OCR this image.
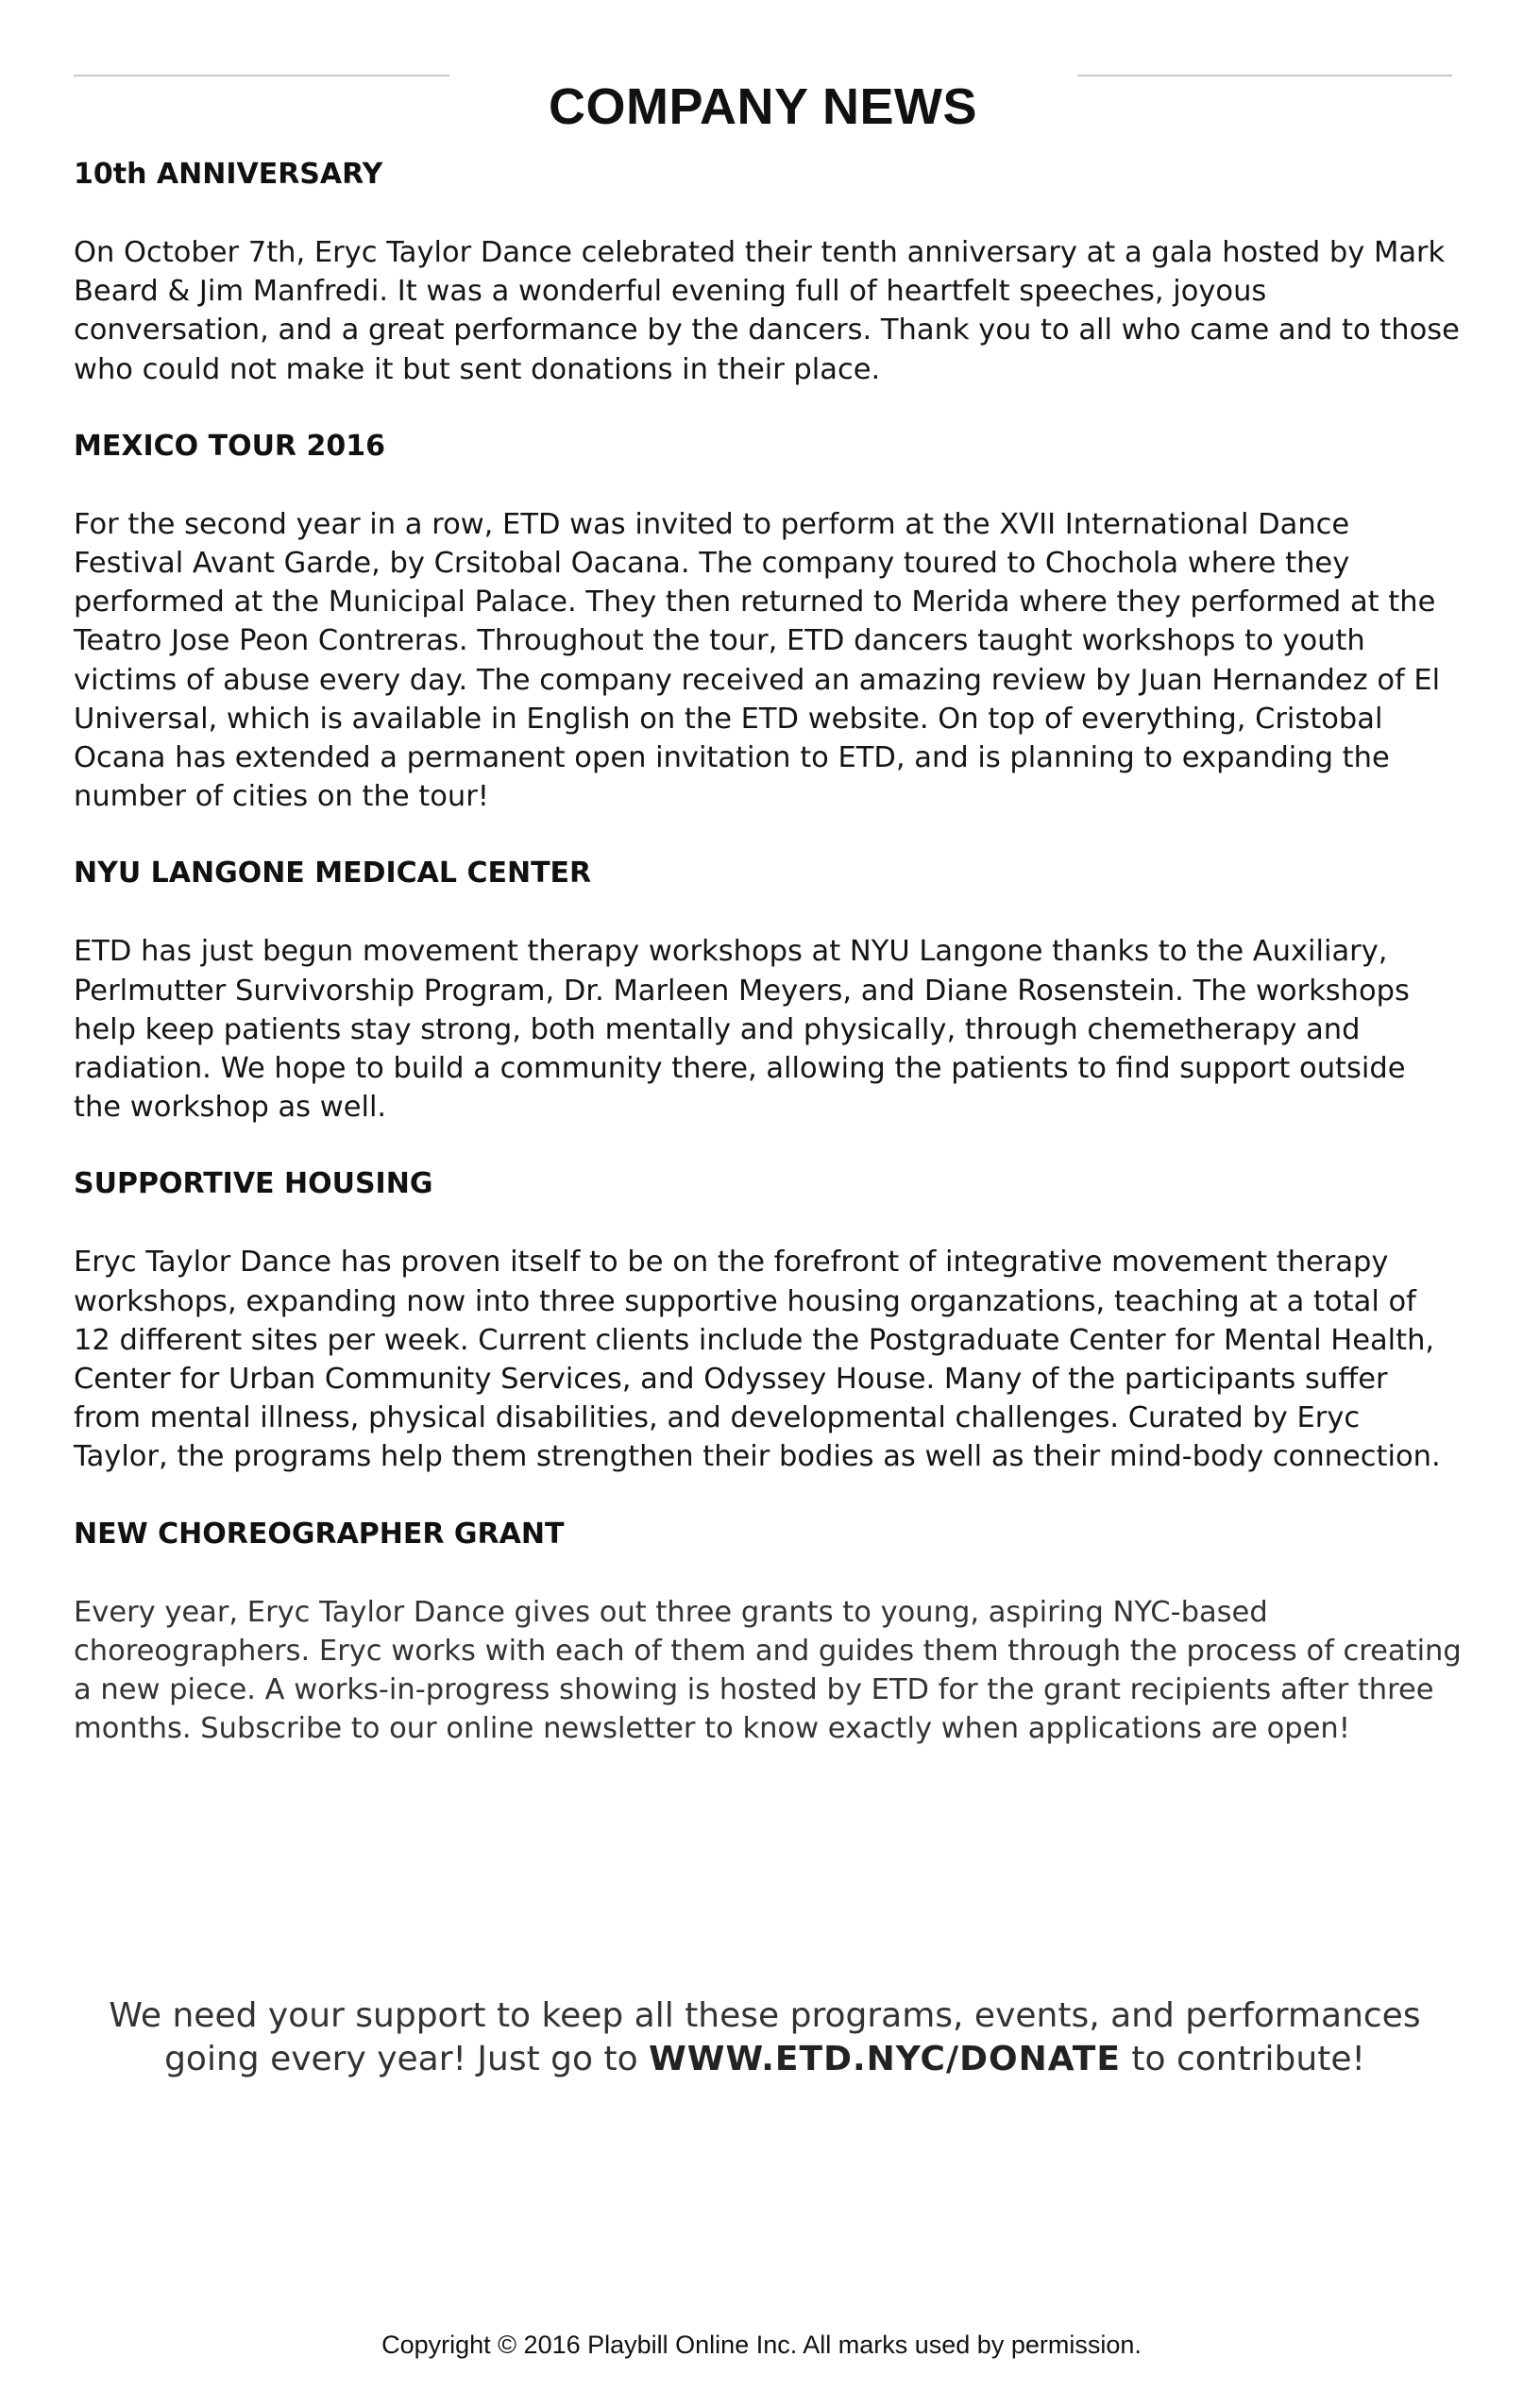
COMPANY NEWS
10th ANNIVERSARY

On October 7th, Eryc Taylor Dance celebrated their tenth anniversary at a gala hosted by Mark Beard & Jim Manfredi. It was a wonderful evening full of heartfelt speeches, joyous conversation, and a great performance by the dancers. Thank you to all who came and to those who could not make it but sent donations in their place.

MEXICO TOUR 2016

For the second year in a row, ETD was invited to perform at the XVII International Dance Festival Avant Garde, by Crsitobal Oacana. The company toured to Chochola where they performed at the Municipal Palace. They then returned to Merida where they performed at the Teatro Jose Peon Contreras. Throughout the tour, ETD dancers taught workshops to youth victims of abuse every day. The company received an amazing review by Juan Hernandez of El Universal, which is available in English on the ETD website. On top of everything, Cristobal Ocana has extended a permanent open invitation to ETD, and is planning to expanding the number of cities on the tour!

NYU LANGONE MEDICAL CENTER

ETD has just begun movement therapy workshops at NYU Langone thanks to the Auxiliary, Perlmutter Survivorship Program, Dr. Marleen Meyers, and Diane Rosenstein. The workshops help keep patients stay strong, both mentally and physically, through chemetherapy and radiation. We hope to build a community there, allowing the patients to find support outside the workshop as well.

SUPPORTIVE HOUSING

Eryc Taylor Dance has proven itself to be on the forefront of integrative movement therapy workshops, expanding now into three supportive housing organzations, teaching at a total of 12 different sites per week. Current clients include the Postgraduate Center for Mental Health, Center for Urban Community Services, and Odyssey House. Many of the participants suffer from mental illness, physical disabilities, and developmental challenges. Curated by Eryc Taylor, the programs help them strengthen their bodies as well as their mind-body connection.

NEW CHOREOGRAPHER GRANT

Every year, Eryc Taylor Dance gives out three grants to young, aspiring NYC-based choreographers. Eryc works with each of them and guides them through the process of creating a new piece. A works-in-progress showing is hosted by ETD for the grant recipients after three months. Subscribe to our online newsletter to know exactly when applications are open!

We need your support to keep all these programs, events, and performances going every year! Just go to WWW.ETD.NYC/DONATE to contribute!
Copyright © 2016 Playbill Online Inc. All marks used by permission.
